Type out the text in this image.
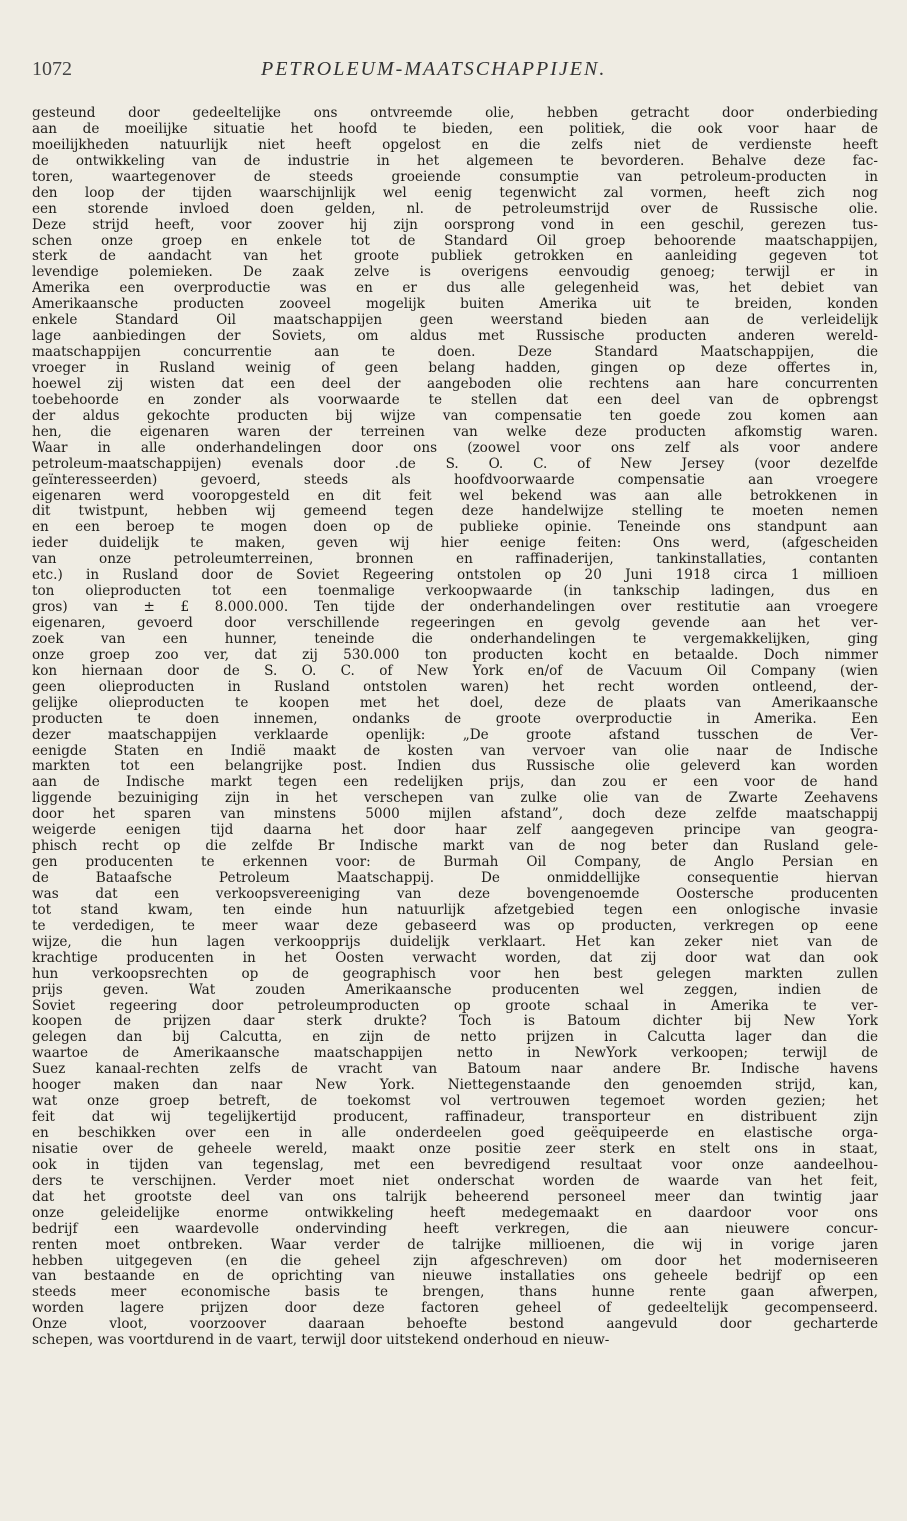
1072	PETROLEUM-MAATSCHAPPIJEN.
gesteund door gedeeltelijke ons ontvreemde olie, hebben getracht door onderbieding
aan de moeilijke situatie het hoofd te bieden, een politiek, die ook voor haar de
moeilijkheden natuurlijk niet heeft opgelost en die zelfs niet de verdienste heeft
de ontwikkeling van de industrie in het algemeen te bevorderen. Behalve deze fac-
toren, waartegenover de steeds groeiende consumptie van petroleum-producten in
den loop der tijden waarschijnlijk wel eenig tegenwicht zal vormen, heeft zich nog
een storende invloed doen gelden, nl. de petroleumstrijd over de Russische olie.
Deze strijd heeft, voor zoover hij zijn oorsprong vond in een geschil, gerezen tus-
schen onze groep en enkele tot de Standard Oil groep behoorende maatschappijen,
sterk de aandacht van het groote publiek getrokken en aanleiding gegeven tot
levendige polemieken. De zaak zelve is overigens eenvoudig genoeg; terwijl er in
Amerika een overproductie was en er dus alle gelegenheid was, het debiet van
Amerikaansche producten zooveel mogelijk buiten Amerika uit te breiden, konden
enkele Standard Oil maatschappijen geen weerstand bieden aan de verleidelijk
lage aanbiedingen der Soviets, om aldus met Russische producten anderen wereld-
maatschappijen concurrentie aan te doen. Deze Standard Maatschappijen, die
vroeger in Rusland weinig of geen belang hadden, gingen op deze offertes in,
hoewel zij wisten dat een deel der aangeboden olie rechtens aan hare concurrenten
toebehoorde en zonder als voorwaarde te stellen dat een deel van de opbrengst
der aldus gekochte producten bij wijze van compensatie ten goede zou komen aan
hen, die eigenaren waren der terreinen van welke deze producten afkomstig waren.
Waar in alle onderhandelingen door ons (zoowel voor ons zelf als voor andere
petroleum-maatschappijen) evenals door .de S. O. C. of New Jersey (voor dezelfde
geïnteresseerden) gevoerd, steeds als hoofdvoorwaarde compensatie aan vroegere
eigenaren werd vooropgesteld en dit feit wel bekend was aan alle betrokkenen in
dit twistpunt, hebben wij gemeend tegen deze handelwijze stelling te moeten nemen
en een beroep te mogen doen op de publieke opinie. Teneinde ons standpunt aan
ieder duidelijk te maken, geven wij hier eenige feiten: Ons werd, (afgescheiden
van onze petroleumterreinen, bronnen en raffinaderijen, tankinstallaties, contanten
etc.) in Rusland door de Soviet Regeering ontstolen op 20 Juni 1918 circa 1 millioen
ton olieproducten tot een toenmalige verkoopwaarde (in tankschip ladingen, dus en
gros) van ± £ 8.000.000. Ten tijde der onderhandelingen over restitutie aan vroegere
eigenaren, gevoerd door verschillende regeeringen en gevolg gevende aan het ver-
zoek van een hunner, teneinde die onderhandelingen te vergemakkelijken, ging
onze groep zoo ver, dat zij 530.000 ton producten kocht en betaalde. Doch nimmer
kon hiernaan door de S. O. C. of New York en/of de Vacuum Oil Company (wien
geen olieproducten in Rusland ontstolen waren) het recht worden ontleend, der-
gelijke olieproducten te koopen met het doel, deze de plaats van Amerikaansche
producten te doen innemen, ondanks de groote overproductie in Amerika. Een
dezer maatschappijen verklaarde openlijk: „De groote afstand tusschen de Ver-
eenigde Staten en Indië maakt de kosten van vervoer van olie naar de Indische
markten tot een belangrijke post. Indien dus Russische olie geleverd kan worden
aan de Indische markt tegen een redelijken prijs, dan zou er een voor de hand
liggende bezuiniging zijn in het verschepen van zulke olie van de Zwarte Zeehavens
door het sparen van minstens 5000 mijlen afstand”, doch deze zelfde maatschappij
weigerde eenigen tijd daarna het door haar zelf aangegeven principe van geogra-
phisch recht op die zelfde Br Indische markt van de nog beter dan Rusland gele-
gen producenten te erkennen voor: de Burmah Oil Company, de Anglo Persian en
de Bataafsche Petroleum Maatschappij. De onmiddellijke consequentie hiervan
was dat een verkoopsvereeniging van deze bovengenoemde Oostersche producenten
tot stand kwam, ten einde hun natuurlijk afzetgebied tegen een onlogische invasie
te verdedigen, te meer waar deze gebaseerd was op producten, verkregen op eene
wijze, die hun lagen verkoopprijs duidelijk verklaart. Het kan zeker niet van de
krachtige producenten in het Oosten verwacht worden, dat zij door wat dan ook
hun verkoopsrechten op de geographisch voor hen best gelegen markten zullen
prijs geven. Wat zouden Amerikaansche producenten wel zeggen, indien de
Soviet regeering door petroleumproducten op groote schaal in Amerika te ver-
koopen de prijzen daar sterk drukte? Toch is Batoum dichter bij New York
gelegen dan bij Calcutta, en zijn de netto prijzen in Calcutta lager dan die
waartoe de Amerikaansche maatschappijen netto in NewYork verkoopen; terwijl de
Suez kanaal-rechten zelfs de vracht van Batoum naar andere Br. Indische havens
hooger maken dan naar New York. Niettegenstaande den genoemden strijd, kan,
wat onze groep betreft, de toekomst vol vertrouwen tegemoet worden gezien; het
feit dat wij tegelijkertijd producent, raffinadeur, transporteur en distribuent zijn
en beschikken over een in alle onderdeelen goed geëquipeerde en elastische orga-
nisatie over de geheele wereld, maakt onze positie zeer sterk en stelt ons in staat,
ook in tijden van tegenslag, met een bevredigend resultaat voor onze aandeelhou-
ders te verschijnen. Verder moet niet onderschat worden de waarde van het feit,
dat het grootste deel van ons talrijk beheerend personeel meer dan twintig jaar
onze geleidelijke enorme ontwikkeling heeft medegemaakt en daardoor voor ons
bedrijf een waardevolle ondervinding heeft verkregen, die aan nieuwere concur-
renten moet ontbreken. Waar verder de talrijke millioenen, die wij in vorige jaren
hebben uitgegeven (en die geheel zijn afgeschreven) om door het moderniseeren
van bestaande en de oprichting van nieuwe installaties ons geheele bedrijf op een
steeds meer economische basis te brengen, thans hunne rente gaan afwerpen,
worden lagere prijzen door deze factoren geheel of gedeeltelijk gecompenseerd.
Onze vloot, voorzoover daaraan behoefte bestond aangevuld door gecharterde
schepen, was voortdurend in de vaart, terwijl door uitstekend onderhoud en nieuw-
